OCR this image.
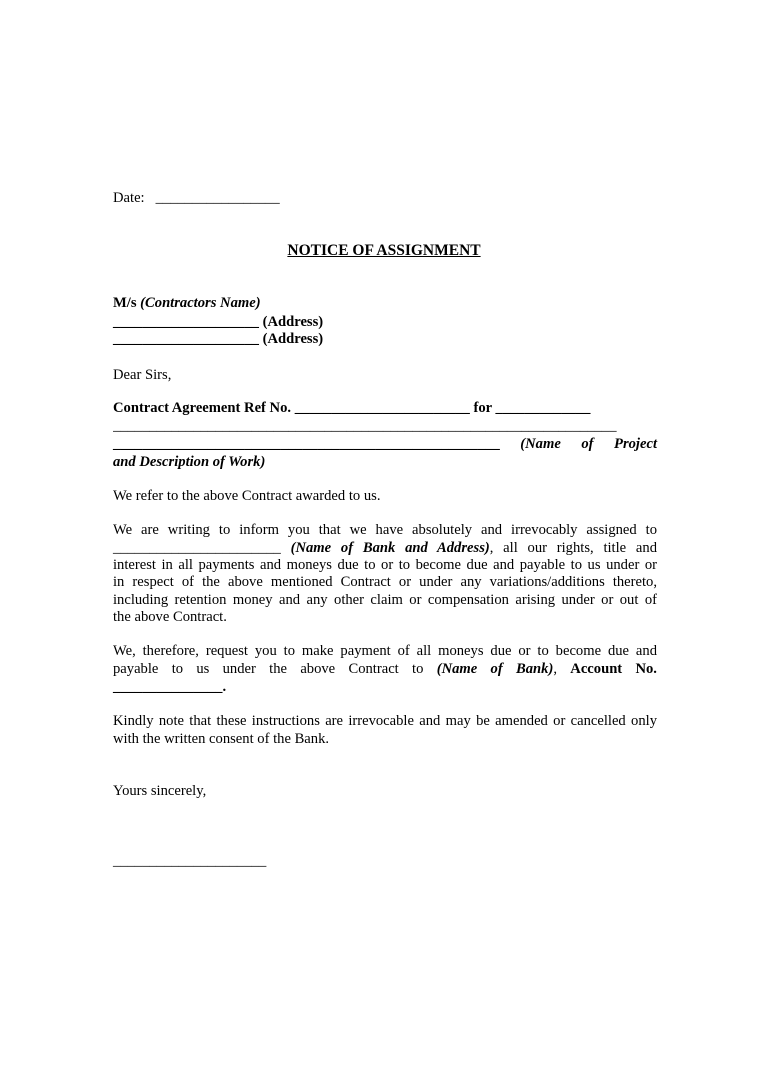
Date: _________________
NOTICE OF ASSIGNMENT
M/s (Contractors Name)
____________________ (Address)
____________________ (Address)
Dear Sirs,
Contract Agreement Ref No. ________________________ for _____________
_____________________________________________________________________
_____________________________________________________ (Name of Project
and Description of Work)
We refer to the above Contract awarded to us.
We are writing to inform you that we have absolutely and irrevocably assigned to
_______________________ (Name of Bank and Address), all our rights, title and
interest in all payments and moneys due to or to become due and payable to us under or
in respect of the above mentioned Contract or under any variations/additions thereto,
including retention money and any other claim or compensation arising under or out of
the above Contract.
We, therefore, request you to make payment of all moneys due or to become due and
payable to us under the above Contract to (Name of Bank), Account No.
_______________.
Kindly note that these instructions are irrevocable and may be amended or cancelled only
with the written consent of the Bank.
Yours sincerely,
_____________________
